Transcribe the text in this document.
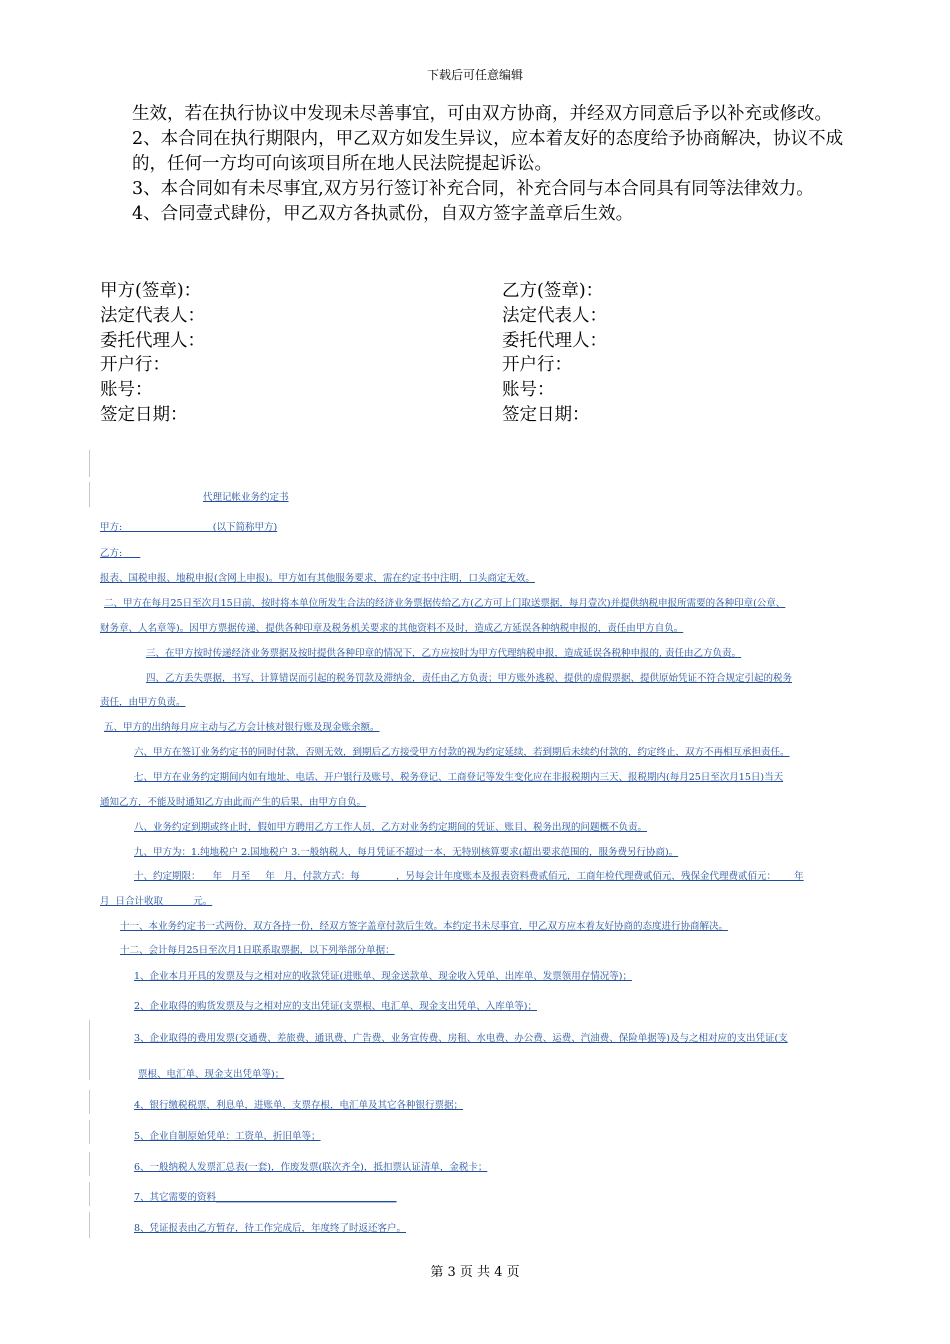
下载后可任意编辑

生效，若在执行协议中发现未尽善事宜，可由双方协商，并经双方同意后予以补充或修改。

2、本合同在执行期限内，甲乙双方如发生异议，应本着友好的态度给予协商解决，协议不成的，任何一方均可向该项目所在地人民法院提起诉讼。

3、本合同如有未尽事宜,双方另行签订补充合同，补充合同与本合同具有同等法律效力。

4、合同壹式肆份，甲乙双方各执贰份，自双方签字盖章后生效。

甲方(签章)：	乙方(签章)：
法定代表人：	法定代表人：
委托代理人：	委托代理人：
开户行：	开户行：
账号：	账号：
签定日期：	签定日期：
代理记帐业务约定书
甲方:                              (以下简称甲方)
乙方:
报表、国税申报、地税申报(含网上申报)。甲方如有其他服务要求，需在约定书中注明，口头商定无效。
二、甲方在每月25日至次月15日前，按时将本单位所发生合法的经济业务票据传给乙方(乙方可上门取送票据，每月壹次)并提供纳税申报所需要的各种印章(公章、
财务章、人名章等)。因甲方票据传递、提供各种印章及税务机关要求的其他资料不及时，造成乙方延误各种纳税申报的，责任由甲方自负。
三、在甲方按时传递经济业务票据及按时提供各种印章的情况下，乙方应按时为甲方代理纳税申报，造成延误各税种申报的, 责任由乙方负责。
四、乙方丢失票据，书写、计算错误而引起的税务罚款及滞纳金，责任由乙方负责；甲方账外逃税、提供的虚假票据、提供原始凭证不符合规定引起的税务
责任，由甲方负责。
五、甲方的出纳每月应主动与乙方会计核对银行账及现金账余额。
六、甲方在签订业务约定书的同时付款，否则无效，到期后乙方接受甲方付款的视为约定延续，若到期后未续约付款的，约定终止，双方不再相互承担责任。
七、甲方在业务约定期间内如有地址、电话、开户银行及账号、税务登记、工商登记等发生变化应在非报税期内三天、报税期内(每月25日至次月15日)当天
通知乙方，不能及时通知乙方由此而产生的后果，由甲方自负。
八、业务约定到期或终止时，假如甲方聘用乙方工作人员，乙方对业务约定期间的凭证、账目、税务出现的问题概不负责。
九、甲方为：1.纯地税户 2.国地税户 3.一般纳税人，每月凭证不超过一本，无特别核算要求(超出要求范围的，服务费另行协商)。
十、约定期限：    年   月至     年   月，付款方式：每            ，另每会计年度账本及报表资料费贰佰元，工商年检代理费贰佰元，残保金代理费贰佰元：      年
月  日合计收取          元。
十一、本业务约定书一式两份，双方各持一份，经双方签字盖章付款后生效。本约定书未尽事宜，甲乙双方应本着友好协商的态度进行协商解决。
十二、会计每月25日至次月1日联系取票据，以下列举部分单据：
1、企业本月开具的发票及与之相对应的收款凭证(进账单、现金送款单、现金收入凭单、出库单、发票领用存情况等)；
2、企业取得的购货发票及与之相对应的支出凭证(支票根、电汇单、现金支出凭单、入库单等)；
3、企业取得的费用发票(交通费、差旅费、通讯费、广告费、业务宣传费、房租、水电费、办公费、运费、汽油费、保险单据等)及与之相对应的支出凭证(支
票根、电汇单、现金支出凭单等)；
4、银行缴税税票，利息单，进账单，支票存根，电汇单及其它各种银行票据；
5、企业自制原始凭单：工资单，折旧单等；
6、一般纳税人发票汇总表(一套)，作废发票(联次齐全)，抵扣票认证清单，金税卡；
7、其它需要的资料______________________________________
8、凭证报表由乙方暂存，待工作完成后，年度终了时返还客户。
第 3 页 共 4 页
